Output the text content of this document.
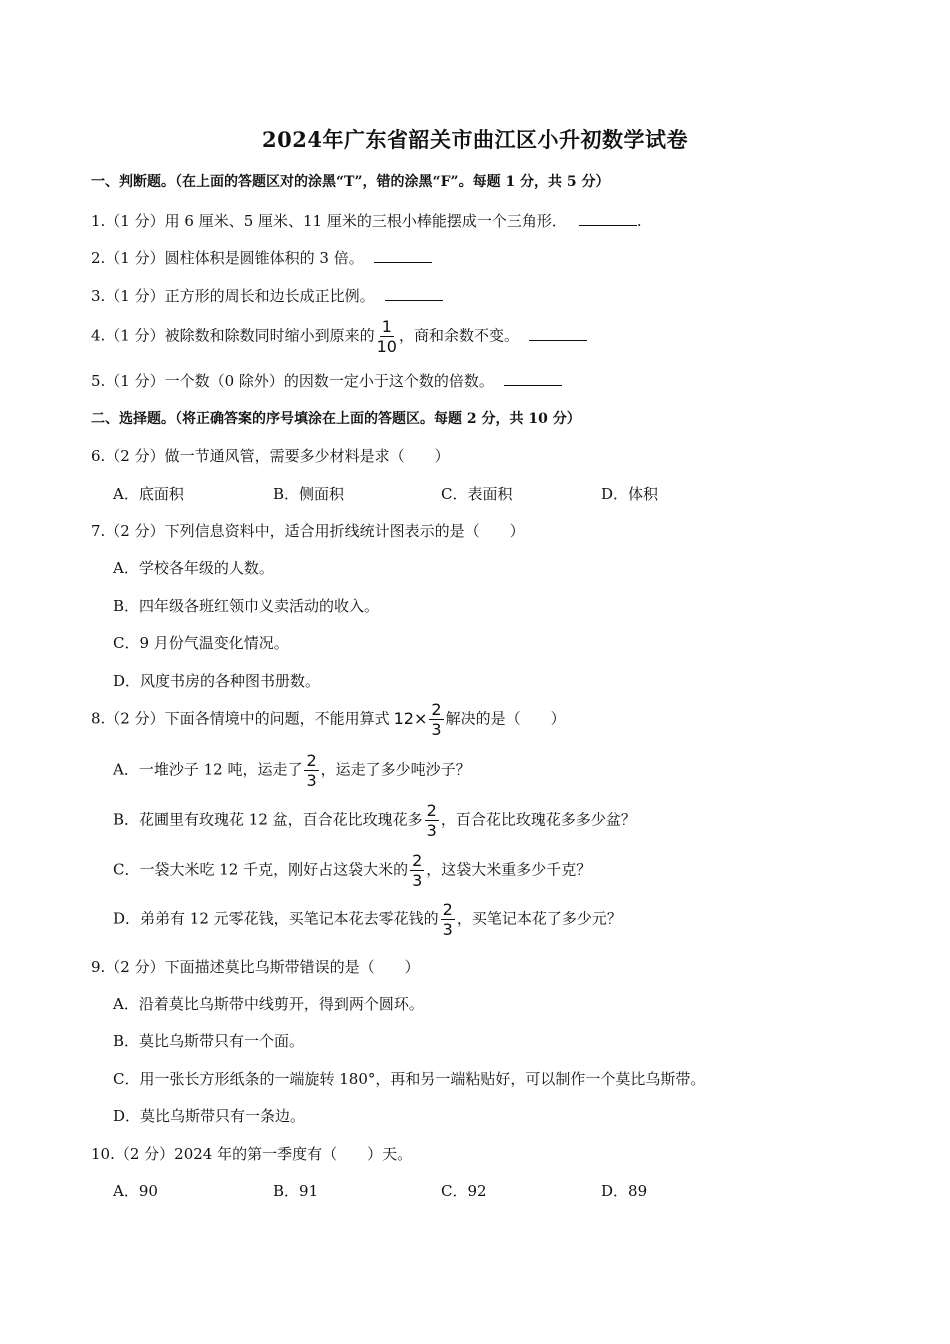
2024年广东省韶关市曲江区小升初数学试卷
一、判断题。（在上面的答题区对的涂黑“T”，错的涂黑“F”。每题 1 分，共 5 分）
1.（1 分）用 6 厘米、5 厘米、11 厘米的三根小棒能摆成一个三角形．	.
2.（1 分）圆柱体积是圆锥体积的 3 倍。
3.（1 分）正方形的周长和边长成正比例。
4.（1 分）被除数和除数同时缩小到原来的 $\frac{1}{10}$ ，商和余数不变。
5.（1 分）一个数（0 除外）的因数一定小于这个数的倍数。
二、选择题。（将正确答案的序号填涂在上面的答题区。每题 2 分，共 10 分）
6.（2 分）做一节通风管，需要多少材料是求（　　）
A．底面积	B．侧面积	C．表面积	D．体积
7.（2 分）下列信息资料中，适合用折线统计图表示的是（　　）
A．学校各年级的人数。
B．四年级各班红领巾义卖活动的收入。
C．9 月份气温变化情况。
D．风度书房的各种图书册数。
8.（2 分）下面各情境中的问题，不能用算式 $12\times \frac{2}{3}$ 解决的是（　　）
A．一堆沙子 12 吨，运走了 $\frac{2}{3}$ ，运走了多少吨沙子？
B．花圃里有玫瑰花 12 盆，百合花比玫瑰花多 $\frac{2}{3}$ ，百合花比玫瑰花多多少盆？
C．一袋大米吃 12 千克，刚好占这袋大米的 $\frac{2}{3}$ ，这袋大米重多少千克？
D．弟弟有 12 元零花钱，买笔记本花去零花钱的 $\frac{2}{3}$ ，买笔记本花了多少元？
9.（2 分）下面描述莫比乌斯带错误的是（　　）
A．沿着莫比乌斯带中线剪开，得到两个圆环。
B．莫比乌斯带只有一个面。
C．用一张长方形纸条的一端旋转 180°，再和另一端粘贴好，可以制作一个莫比乌斯带。
D．莫比乌斯带只有一条边。
10.（2 分）2024 年的第一季度有（　　）天。
A．90	B．91	C．92	D．89
